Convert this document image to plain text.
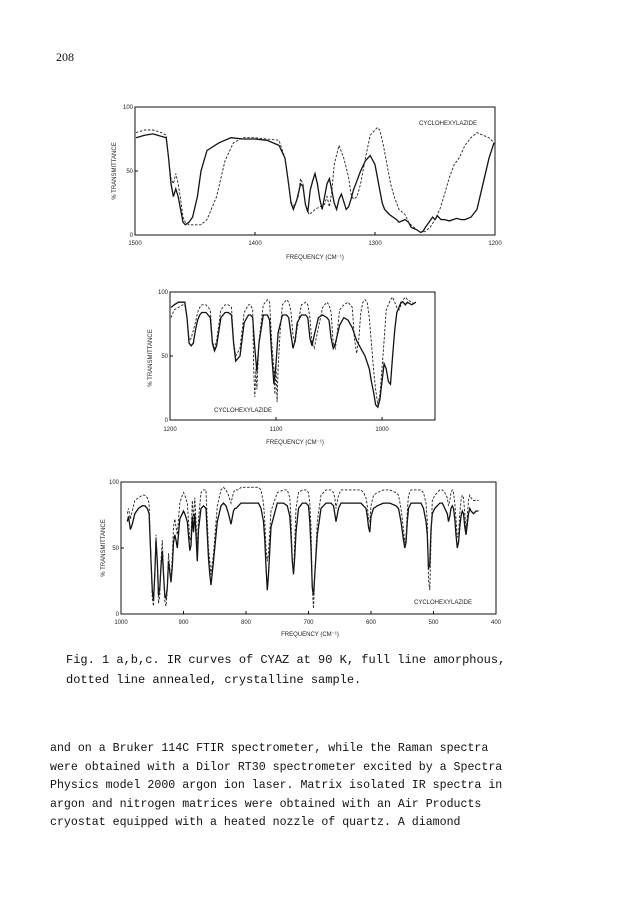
208
CYCLOHEXYLAZIDE
% TRANSMITTANCE
FREQUENCY (CM⁻¹)
1500	1400	1300	1200
0
50
100
CYCLOHEXYLAZIDE
% TRANSMITTANCE
FREQUENCY (CM⁻¹)
1200	1100	1000
0
50
100
CYCLOHEXYLAZIDE
% TRANSMITTANCE
FREQUENCY (CM⁻¹)
1000	900	800	700	600	500	400
0
50
100
Fig. 1 a,b,c. IR curves of CYAZ at 90 K, full line amorphous,
dotted line annealed, crystalline sample.
and on a Bruker 114C FTIR spectrometer, while the Raman spectra
were obtained with a Dilor RT30 spectrometer excited by a Spectra
Physics model 2000 argon ion laser. Matrix isolated IR spectra in
argon and nitrogen matrices were obtained with an Air Products
cryostat equipped with a heated nozzle of quartz. A diamond
